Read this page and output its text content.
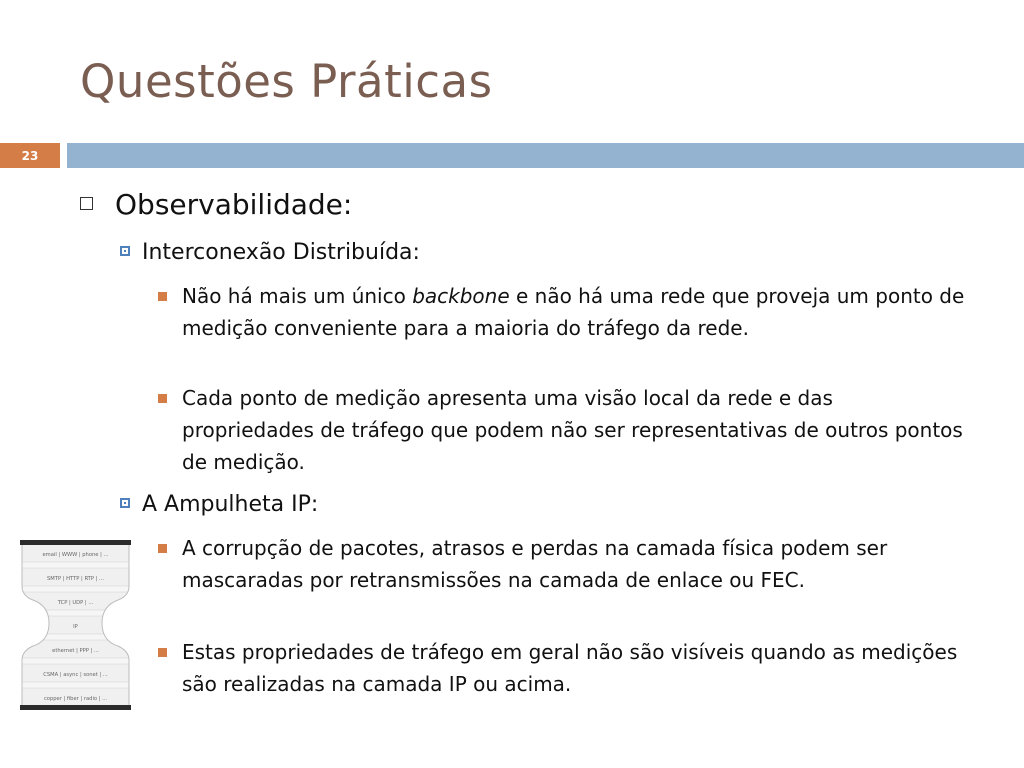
Questões Práticas
23
Observabilidade:
Interconexão Distribuída:
Não há mais um único backbone e não há uma rede que proveja um ponto de medição conveniente para a maioria do tráfego da rede.
Cada ponto de medição apresenta uma visão local da rede e das propriedades de tráfego que podem não ser representativas de outros pontos de medição.
A Ampulheta IP:
A corrupção de pacotes, atrasos e perdas na camada física podem ser mascaradas por retransmissões na camada de enlace ou FEC.
Estas propriedades de tráfego em geral não são visíveis quando as medições são realizadas na camada IP ou acima.
email | WWW | phone | ...
SMTP | HTTP | RTP | ...
TCP | UDP | ...
IP
ethernet | PPP | ...
CSMA | async | sonet | ...
copper | fiber | radio | ...
